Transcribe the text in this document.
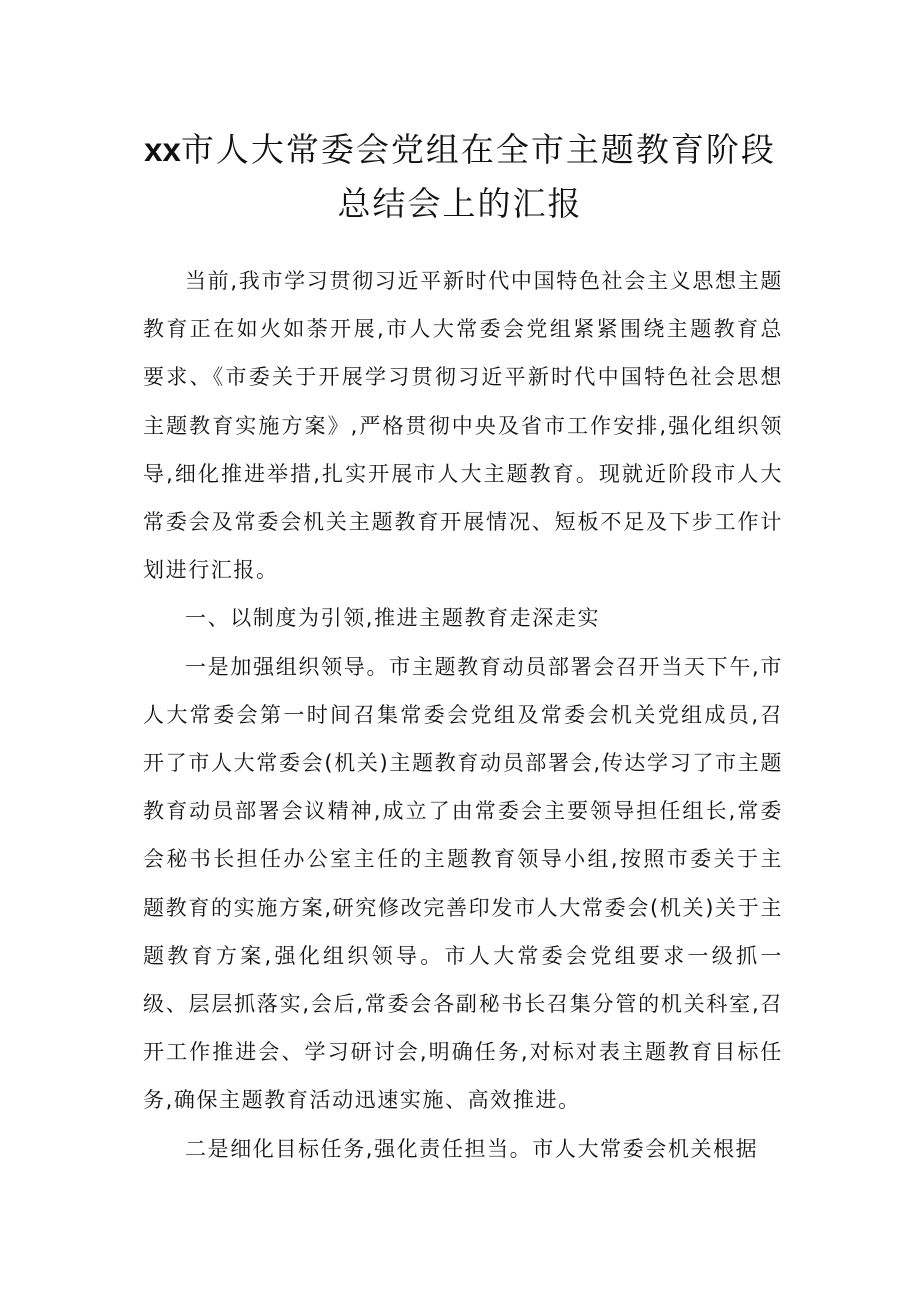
xx市人大常委会党组在全市主题教育阶段
总结会上的汇报

当前,我市学习贯彻习近平新时代中国特色社会主义思想主题教育正在如火如荼开展,市人大常委会党组紧紧围绕主题教育总要求、《市委关于开展学习贯彻习近平新时代中国特色社会思想主题教育实施方案》,严格贯彻中央及省市工作安排,强化组织领导,细化推进举措,扎实开展市人大主题教育。现就近阶段市人大常委会及常委会机关主题教育开展情况、短板不足及下步工作计划进行汇报。

一、以制度为引领,推进主题教育走深走实

一是加强组织领导。市主题教育动员部署会召开当天下午,市人大常委会第一时间召集常委会党组及常委会机关党组成员,召开了市人大常委会(机关)主题教育动员部署会,传达学习了市主题教育动员部署会议精神,成立了由常委会主要领导担任组长,常委会秘书长担任办公室主任的主题教育领导小组,按照市委关于主题教育的实施方案,研究修改完善印发市人大常委会(机关)关于主题教育方案,强化组织领导。市人大常委会党组要求一级抓一级、层层抓落实,会后,常委会各副秘书长召集分管的机关科室,召开工作推进会、学习研讨会,明确任务,对标对表主题教育目标任务,确保主题教育活动迅速实施、高效推进。

二是细化目标任务,强化责任担当。市人大常委会机关根据
